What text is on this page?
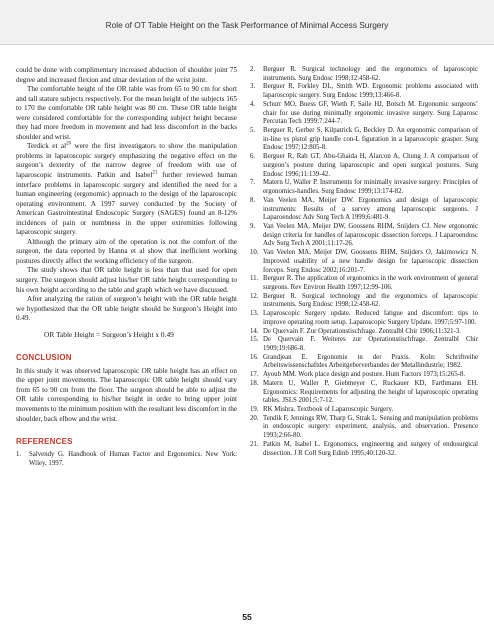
Role of OT Table Height on the Task Performance of Minimal Access Surgery

could be done with complimentary increased abduction of shoulder joint 75 degree and increased flexion and ulnar deviation of the wrist joint.

The comfortable height of the OR table was from 65 to 90 cm for short and tall stature subjects respectively. For the mean height of the subjects 165 to 170 the comfortable OR table height was 80 cm. These OR table height were considered comfortable for the corresponding subject height because they had more freedom in movement and had less discomfort in the backs shoulder and wrist.

Terdick et $al^{20}$ were the first investigators to show the manipulation problems in laparoscopic surgery emphasizing the negative effect on the surgeon’s dexterity of the narrow degree of freedom with use of laparoscopic instruments. Patkin and Isabel$^{21}$ further reviewed human interface problems in laparoscopic surgery and identified the need for a human engineering (ergonomic) approach to the design of the laparoscopic operating environment. A 1997 survey conducted by the Society of American Gastrointestinal Endoscopic Surgery (SAGES) found an 8-12% incidences of pain or numbness in the upper extremities following laparoscopic surgery.

Although the primary aim of the operation is not the comfort of the surgeon, the data reported by Hanna et al show that inefficient working postures directly affect the working efficiency of the surgeon.

The study shows that OR table height is less than that used for open surgery. The surgeon should adjust his/her OR table height corresponding to his own height according to the table and graph which we have discussed.

After analyzing the ration of surgeon’s height with the OR table height we hypothesized that the OR table height should be Surgeon’s Height into 0.49.

OR Table Height = Surgeon’s Height x 0.49
CONCLUSION

In this study it was observed laparoscopic OR table height has an effect on the upper joint movements. The laparoscopic OR table height should vary from 65 to 90 cm from the floor. The surgeon should be able to adjust the OR table corresponding to his/her height in order to bring upper joint movements to the minimum position with the resultant less discomfort in the shoulder, back elbow and the wrist.

REFERENCES
1.	Salvendy G. Handbook of Human Factor and Ergonomics. New York: Wiley, 1997.
2.	Berguer R. Surgical technology and the ergonomics of laparoscopic instruments. Surg Endosc 1998;12:458-62.
3.	Berguer R, Forkley DL, Smith WD. Ergonomic problems associated with laparoscopic surgery. Surg Endosc 1999;13:466-8.
4.	Schurr MO, Buess GF, Wieth F, Saile HJ, Botsch M. Ergonomic surgeons’ chair for use during minimally ergonomic invasive surgery. Surg Laparosc Percutan Tech 1999;7:244-7.
5.	Berguer R, Gerber S, Kilpatrick G, Beckley D. An ergonomic comparison of in-line vs pistol grip handle con-L figuration in a laparoscopic grasper. Surg Endosc 1997;12:805-8.
6.	Berguer R, Rab GT, Abu-Ghaida H, Alarcon A, Chung J. A comparison of surgeon’s posture during laparoscopic and open surgical postures. Surg Endosc 1996;11:139-42.
7.	Matern U, Waller P. Instruments for minimally invasive surgery: Principles of ergonomics-handles. Surg Endosc 1999;13:174-82.
8.	Van Veelen MA, Meijer DW. Ergonomics and design of laparoscopic instruments: Results of a survey among laparoscopic surgeons. J Laparoendosc Adv Surg Tech A 1999;6:481-9.
9.	Van Veelen MA, Meijer DW, Goossens RHM, Snijders CJ. New ergonomic design criteria for handles of laparoscopic dissection forceps. J Laparoendosc Adv Surg Tech A 2001;11:17-26.
10. Van Veelen MA, Meijer DW, Goossens RHM, Snijders O, Jakimowicz N. Improved usability of a new handle design for laparoscopic dissection forceps. Surg Endosc 2002;16:201-7.
11. Berguer R. The application of ergonomics in the work environment of general surgeons. Rev Environ Health 1997;12:99-106.
12. Berguer R. Surgical technology and the ergonomics of laparoscopic instruments. Surg Endosc 1998;12:458-62.
13. Laparoscopic Surgery update. Reduced fatigue and discomfort: tips to improve operating room setup. Laparoscopic Surgery Update. 1997;5:97-100.
14. De Quervain F. Zur Operationstischfrage. Zentralbl Chir 1906;11:321-3.
15. De Quervain F. Weiteres zur Operationstischfrage. Zentralbl Chir 1909;19:686-8.
16. Grandjean E. Ergonomie in der Praxis. Koln: Schriftreihe Arbeitswissenschaftdes Arbeitgeberverbandes der Metallindustrie; 1982.
17. Ayoub MM. Work place design and posture. Hum Factors 1973;15:265-8.
18. Matern U, Waller P, Giebmeyer C, Ruckauer KD, Farthmann EH. Ergonomics: Requirements for adjusting the height of laparoscopic operating tables. JSLS 2001;5:7-12.
19. RK Mishra. Textbook of Laparoscopic Surgery.
20. Tendik F, Jennings RW, Tharp G, Strak L. Sensing and manipulation problems in endoscopic surgery: experiment, analysis, and observation. Presence 1993;2:66-80.
21. Patkin M, Isabel L. Ergonomics, engineering and surgery of endosurgical dissection. J R Coll Surg Edinb 1995;40:120-32.
55
